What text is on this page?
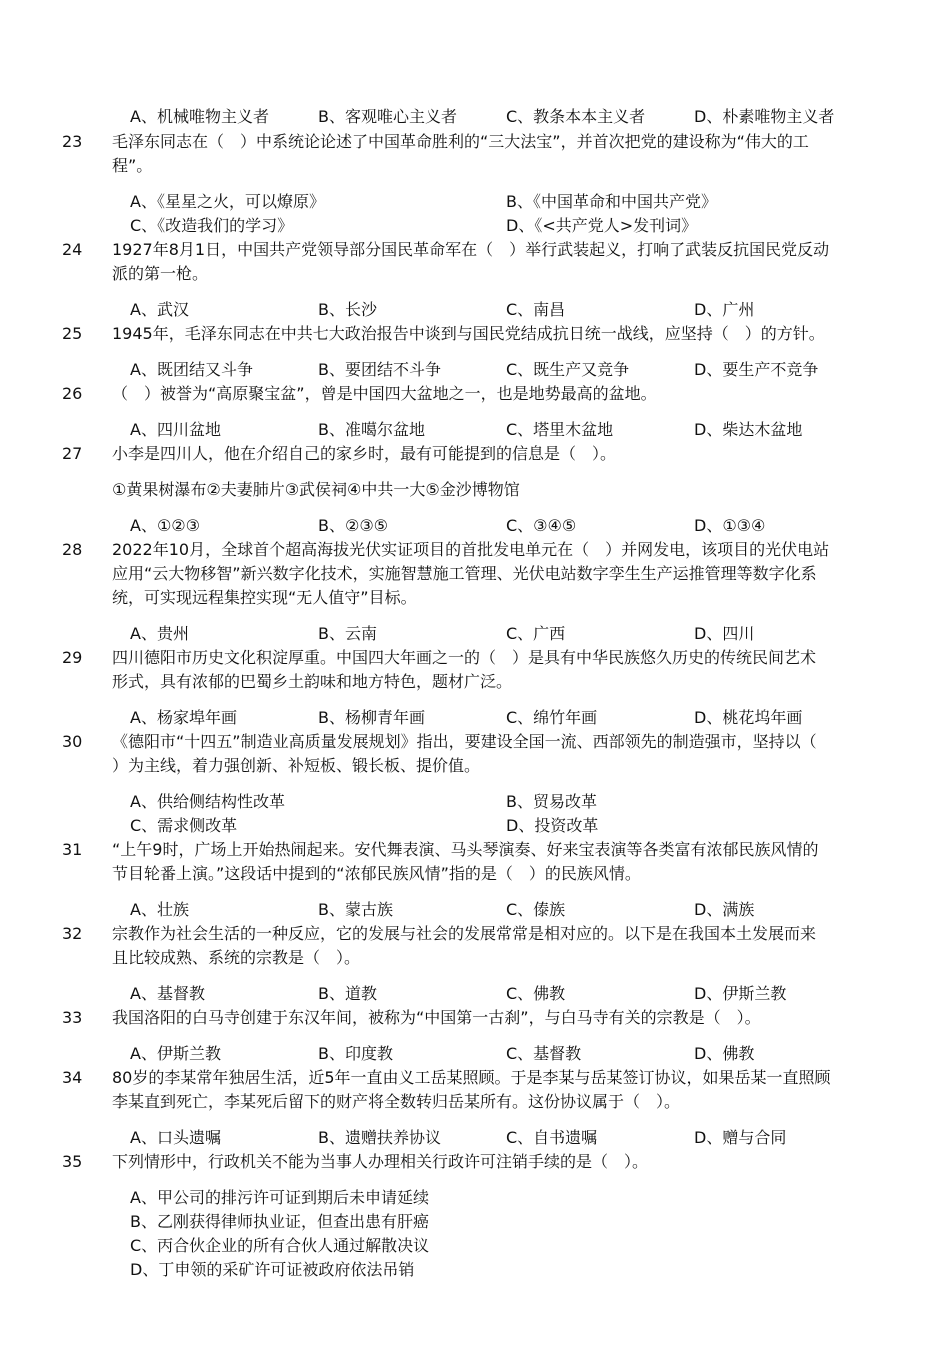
A、机械唯物主义者	B、客观唯心主义者	C、教条本本主义者	D、朴素唯物主义者
23 毛泽东同志在（　）中系统论论述了中国革命胜利的“三大法宝”，并首次把党的建设称为“伟大的工
程”。
A、《星星之火，可以燎原》	B、《中国革命和中国共产党》
C、《改造我们的学习》	D、《<共产党人>发刊词》
24 1927年8月1日，中国共产党领导部分国民革命军在（　）举行武装起义，打响了武装反抗国民党反动
派的第一枪。
A、武汉	B、长沙	C、南昌	D、广州
25 1945年，毛泽东同志在中共七大政治报告中谈到与国民党结成抗日统一战线，应坚持（　）的方针。
A、既团结又斗争	B、要团结不斗争	C、既生产又竞争	D、要生产不竞争
26 （　）被誉为“高原聚宝盆”，曾是中国四大盆地之一，也是地势最高的盆地。
A、四川盆地	B、准噶尔盆地	C、塔里木盆地	D、柴达木盆地
27 小李是四川人，他在介绍自己的家乡时，最有可能提到的信息是（　）。
①黄果树瀑布②夫妻肺片③武侯祠④中共一大⑤金沙博物馆
A、①②③	B、②③⑤	C、③④⑤	D、①③④
28 2022年10月，全球首个超高海拔光伏实证项目的首批发电单元在（　）并网发电，该项目的光伏电站
应用“云大物移智”新兴数字化技术，实施智慧施工管理、光伏电站数字孪生生产运推管理等数字化系
统，可实现远程集控实现“无人值守”目标。
A、贵州	B、云南	C、广西	D、四川
29 四川德阳市历史文化积淀厚重。中国四大年画之一的（　）是具有中华民族悠久历史的传统民间艺术
形式，具有浓郁的巴蜀乡土韵味和地方特色，题材广泛。
A、杨家埠年画	B、杨柳青年画	C、绵竹年画	D、桃花坞年画
30 《德阳市“十四五”制造业高质量发展规划》指出，要建设全国一流、西部领先的制造强市，坚持以（
）为主线，着力强创新、补短板、锻长板、提价值。
A、供给侧结构性改革	B、贸易改革
C、需求侧改革	D、投资改革
31 “上午9时，广场上开始热闹起来。安代舞表演、马头琴演奏、好来宝表演等各类富有浓郁民族风情的
节目轮番上演。”这段话中提到的“浓郁民族风情”指的是（　）的民族风情。
A、壮族	B、蒙古族	C、傣族	D、满族
32 宗教作为社会生活的一种反应，它的发展与社会的发展常常是相对应的。以下是在我国本土发展而来
且比较成熟、系统的宗教是（　）。
A、基督教	B、道教	C、佛教	D、伊斯兰教
33 我国洛阳的白马寺创建于东汉年间，被称为“中国第一古刹”，与白马寺有关的宗教是（　）。
A、伊斯兰教	B、印度教	C、基督教	D、佛教
34 80岁的李某常年独居生活，近5年一直由义工岳某照顾。于是李某与岳某签订协议，如果岳某一直照顾
李某直到死亡，李某死后留下的财产将全数转归岳某所有。这份协议属于（　）。
A、口头遗嘱	B、遗赠扶养协议	C、自书遗嘱	D、赠与合同
35 下列情形中，行政机关不能为当事人办理相关行政许可注销手续的是（　）。
A、甲公司的排污许可证到期后未申请延续
B、乙刚获得律师执业证，但查出患有肝癌
C、丙合伙企业的所有合伙人通过解散决议
D、丁申领的采矿许可证被政府依法吊销
